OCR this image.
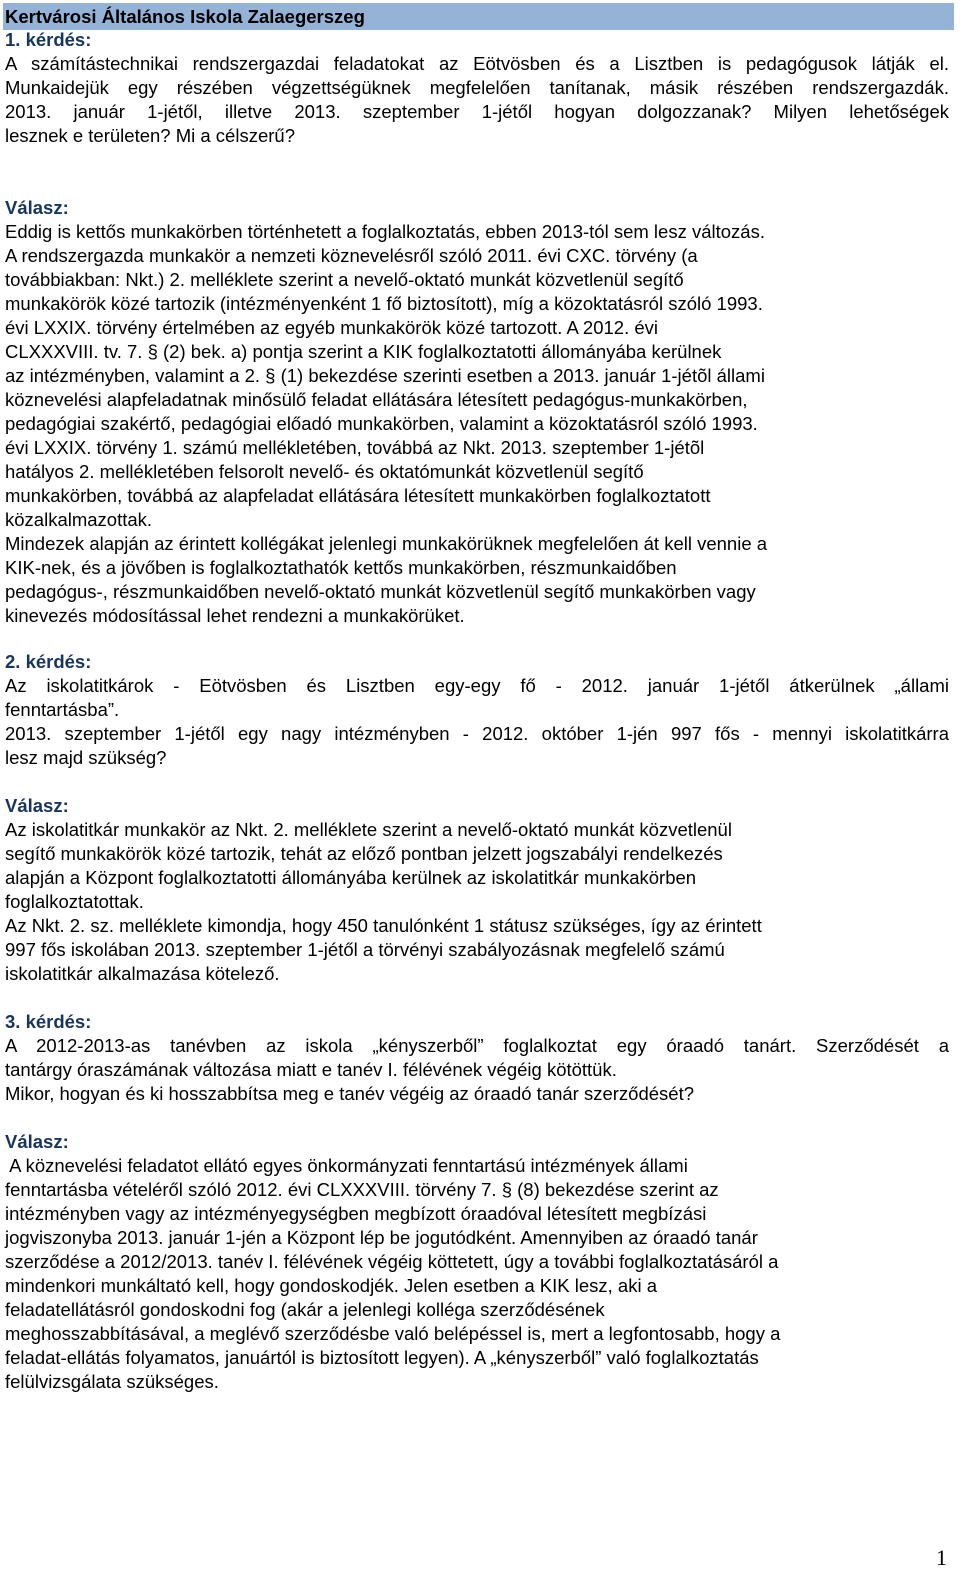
Kertvárosi Általános Iskola Zalaegerszeg
1. kérdés:
A számítástechnikai rendszergazdai feladatokat az Eötvösben és a Lisztben is pedagógusok látják el.
Munkaidejük egy részében végzettségüknek megfelelően tanítanak, másik részében rendszergazdák.
2013. január 1-jétől, illetve 2013. szeptember 1-jétől hogyan dolgozzanak? Milyen lehetőségek
lesznek e területen? Mi a célszerű?
Válasz:
Eddig is kettős munkakörben történhetett a foglalkoztatás, ebben 2013-tól sem lesz változás.
A rendszergazda munkakör a nemzeti köznevelésről szóló 2011. évi CXC. törvény (a
továbbiakban: Nkt.) 2. melléklete szerint a nevelő-oktató munkát közvetlenül segítő
munkakörök közé tartozik (intézményenként 1 fő biztosított), míg a közoktatásról szóló 1993.
évi LXXIX. törvény értelmében az egyéb munkakörök közé tartozott. A 2012. évi
CLXXXVIII. tv. 7. § (2) bek. a) pontja szerint a KIK foglalkoztatotti állományába kerülnek
az intézményben, valamint a 2. § (1) bekezdése szerinti esetben a 2013. január 1-jétõl állami
köznevelési alapfeladatnak minősülő feladat ellátására létesített pedagógus-munkakörben,
pedagógiai szakértő, pedagógiai előadó munkakörben, valamint a közoktatásról szóló 1993.
évi LXXIX. törvény 1. számú mellékletében, továbbá az Nkt. 2013. szeptember 1-jétõl
hatályos 2. mellékletében felsorolt nevelő- és oktatómunkát közvetlenül segítő
munkakörben, továbbá az alapfeladat ellátására létesített munkakörben foglalkoztatott
közalkalmazottak.
Mindezek alapján az érintett kollégákat jelenlegi munkakörüknek megfelelően át kell vennie a
KIK-nek, és a jövőben is foglalkoztathatók kettős munkakörben, részmunkaidőben
pedagógus-, részmunkaidőben nevelő-oktató munkát közvetlenül segítő munkakörben vagy
kinevezés módosítással lehet rendezni a munkakörüket.
2. kérdés:
Az iskolatitkárok - Eötvösben és Lisztben egy-egy fő - 2012. január 1-jétől átkerülnek „állami
fenntartásba”.
2013. szeptember 1-jétől egy nagy intézményben - 2012. október 1-jén 997 fős - mennyi iskolatitkárra
lesz majd szükség?
Válasz:
Az iskolatitkár munkakör az Nkt. 2. melléklete szerint a nevelő-oktató munkát közvetlenül
segítő munkakörök közé tartozik, tehát az előző pontban jelzett jogszabályi rendelkezés
alapján a Központ foglalkoztatotti állományába kerülnek az iskolatitkár munkakörben
foglalkoztatottak.
Az Nkt. 2. sz. melléklete kimondja, hogy 450 tanulónként 1 státusz szükséges, így az érintett
997 fős iskolában 2013. szeptember 1-jétől a törvényi szabályozásnak megfelelő számú
iskolatitkár alkalmazása kötelező.
3. kérdés:
A 2012-2013-as tanévben az iskola „kényszerből” foglalkoztat egy óraadó tanárt. Szerződését a
tantárgy óraszámának változása miatt e tanév I. félévének végéig kötöttük.
Mikor, hogyan és ki hosszabbítsa meg e tanév végéig az óraadó tanár szerződését?
Válasz:
A köznevelési feladatot ellátó egyes önkormányzati fenntartású intézmények állami
fenntartásba vételéről szóló 2012. évi CLXXXVIII. törvény 7. § (8) bekezdése szerint az
intézményben vagy az intézményegységben megbízott óraadóval létesített megbízási
jogviszonyba 2013. január 1-jén a Központ lép be jogutódként. Amennyiben az óraadó tanár
szerződése a 2012/2013. tanév I. félévének végéig köttetett, úgy a további foglalkoztatásáról a
mindenkori munkáltató kell, hogy gondoskodjék. Jelen esetben a KIK lesz, aki a
feladatellátásról gondoskodni fog (akár a jelenlegi kolléga szerződésének
meghosszabbításával, a meglévő szerződésbe való belépéssel is, mert a legfontosabb, hogy a
feladat-ellátás folyamatos, januártól is biztosított legyen). A „kényszerből” való foglalkoztatás
felülvizsgálata szükséges.
1
